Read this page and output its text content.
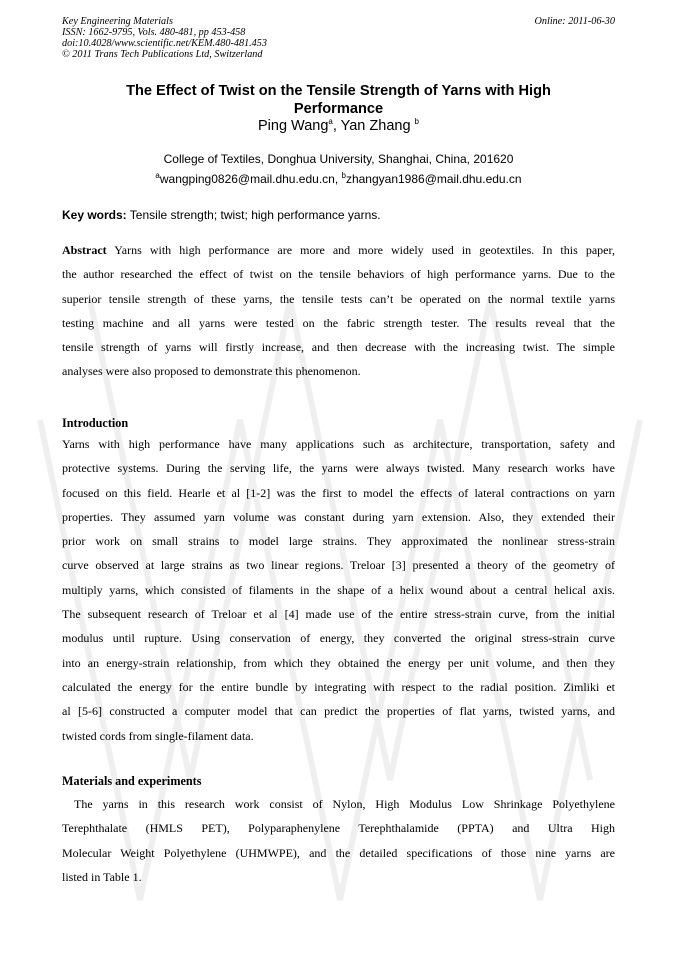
Key Engineering Materials
ISSN: 1662-9795, Vols. 480-481, pp 453-458
doi:10.4028/www.scientific.net/KEM.480-481.453
© 2011 Trans Tech Publications Ltd, Switzerland
Online: 2011-06-30
The Effect of Twist on the Tensile Strength of Yarns with High
Performance
Ping Wang$^a$, Yan Zhang $^b$
College of Textiles, Donghua University, Shanghai, China, 201620
$^a$wangping0826@mail.dhu.edu.cn, $^b$zhangyan1986@mail.dhu.edu.cn
Key words: Tensile strength; twist; high performance yarns.
Abstract Yarns with high performance are more and more widely used in geotextiles. In this paper,
the author researched the effect of twist on the tensile behaviors of high performance yarns. Due to the
superior tensile strength of these yarns, the tensile tests can’t be operated on the normal textile yarns
testing machine and all yarns were tested on the fabric strength tester. The results reveal that the
tensile strength of yarns will firstly increase, and then decrease with the increasing twist. The simple
analyses were also proposed to demonstrate this phenomenon.
Introduction
Yarns with high performance have many applications such as architecture, transportation, safety and
protective systems. During the serving life, the yarns were always twisted. Many research works have
focused on this field. Hearle et al [1-2] was the first to model the effects of lateral contractions on yarn
properties. They assumed yarn volume was constant during yarn extension. Also, they extended their
prior work on small strains to model large strains. They approximated the nonlinear stress-strain
curve observed at large strains as two linear regions. Treloar [3] presented a theory of the geometry of
multiply yarns, which consisted of filaments in the shape of a helix wound about a central helical axis.
The subsequent research of Treloar et al [4] made use of the entire stress-strain curve, from the initial
modulus until rupture. Using conservation of energy, they converted the original stress-strain curve
into an energy-strain relationship, from which they obtained the energy per unit volume, and then they
calculated the energy for the entire bundle by integrating with respect to the radial position. Zimliki et
al [5-6] constructed a computer model that can predict the properties of flat yarns, twisted yarns, and
twisted cords from single-filament data.
Materials and experiments
The yarns in this research work consist of Nylon, High Modulus Low Shrinkage Polyethylene
Terephthalate (HMLS PET), Polyparaphenylene Terephthalamide (PPTA) and Ultra High
Molecular Weight Polyethylene (UHMWPE), and the detailed specifications of those nine yarns are
listed in Table 1.
